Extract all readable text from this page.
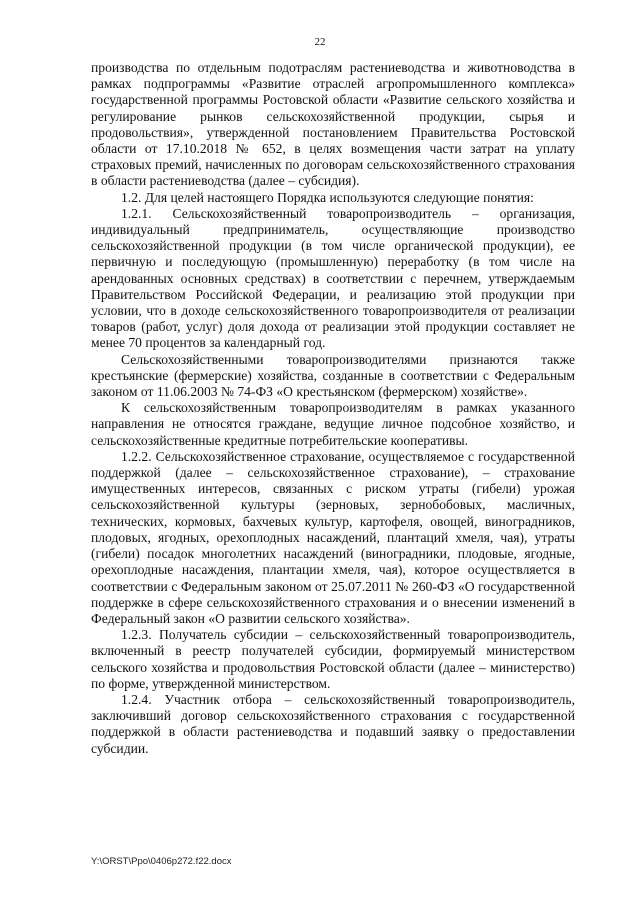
22

производства по отдельным подотраслям растениеводства и животноводства в рамках подпрограммы «Развитие отраслей агропромышленного комплекса» государственной программы Ростовской области «Развитие сельского хозяйства и регулирование рынков сельскохозяйственной продукции, сырья и продовольствия», утвержденной постановлением Правительства Ростовской области от 17.10.2018 № 652, в целях возмещения части затрат на уплату страховых премий, начисленных по договорам сельскохозяйственного страхования в области растениеводства (далее – субсидия).

1.2. Для целей настоящего Порядка используются следующие понятия:

1.2.1. Сельскохозяйственный товаропроизводитель – организация, индивидуальный предприниматель, осуществляющие производство сельскохозяйственной продукции (в том числе органической продукции), ее первичную и последующую (промышленную) переработку (в том числе на арендованных основных средствах) в соответствии с перечнем, утверждаемым Правительством Российской Федерации, и реализацию этой продукции при условии, что в доходе сельскохозяйственного товаропроизводителя от реализации товаров (работ, услуг) доля дохода от реализации этой продукции составляет не менее 70 процентов за календарный год.

Сельскохозяйственными товаропроизводителями признаются также крестьянские (фермерские) хозяйства, созданные в соответствии с Федеральным законом от 11.06.2003 № 74-ФЗ «О крестьянском (фермерском) хозяйстве».

К сельскохозяйственным товаропроизводителям в рамках указанного направления не относятся граждане, ведущие личное подсобное хозяйство, и сельскохозяйственные кредитные потребительские кооперативы.

1.2.2. Сельскохозяйственное страхование, осуществляемое с государственной поддержкой (далее – сельскохозяйственное страхование), – страхование имущественных интересов, связанных с риском утраты (гибели) урожая сельскохозяйственной культуры (зерновых, зернобобовых, масличных, технических, кормовых, бахчевых культур, картофеля, овощей, виноградников, плодовых, ягодных, орехоплодных насаждений, плантаций хмеля, чая), утраты (гибели) посадок многолетних насаждений (виноградники, плодовые, ягодные, орехоплодные насаждения, плантации хмеля, чая), которое осуществляется в соответствии с Федеральным законом от 25.07.2011 № 260-ФЗ «О государственной поддержке в сфере сельскохозяйственного страхования и о внесении изменений в Федеральный закон «О развитии сельского хозяйства».

1.2.3. Получатель субсидии – сельскохозяйственный товаропроизводитель, включенный в реестр получателей субсидии, формируемый министерством сельского хозяйства и продовольствия Ростовской области (далее – министерство) по форме, утвержденной министерством.

1.2.4. Участник отбора – сельскохозяйственный товаропроизводитель, заключивший договор сельскохозяйственного страхования с государственной поддержкой в области растениеводства и подавший заявку о предоставлении субсидии.

Y:\ORST\Ppo\0406p272.f22.docx
